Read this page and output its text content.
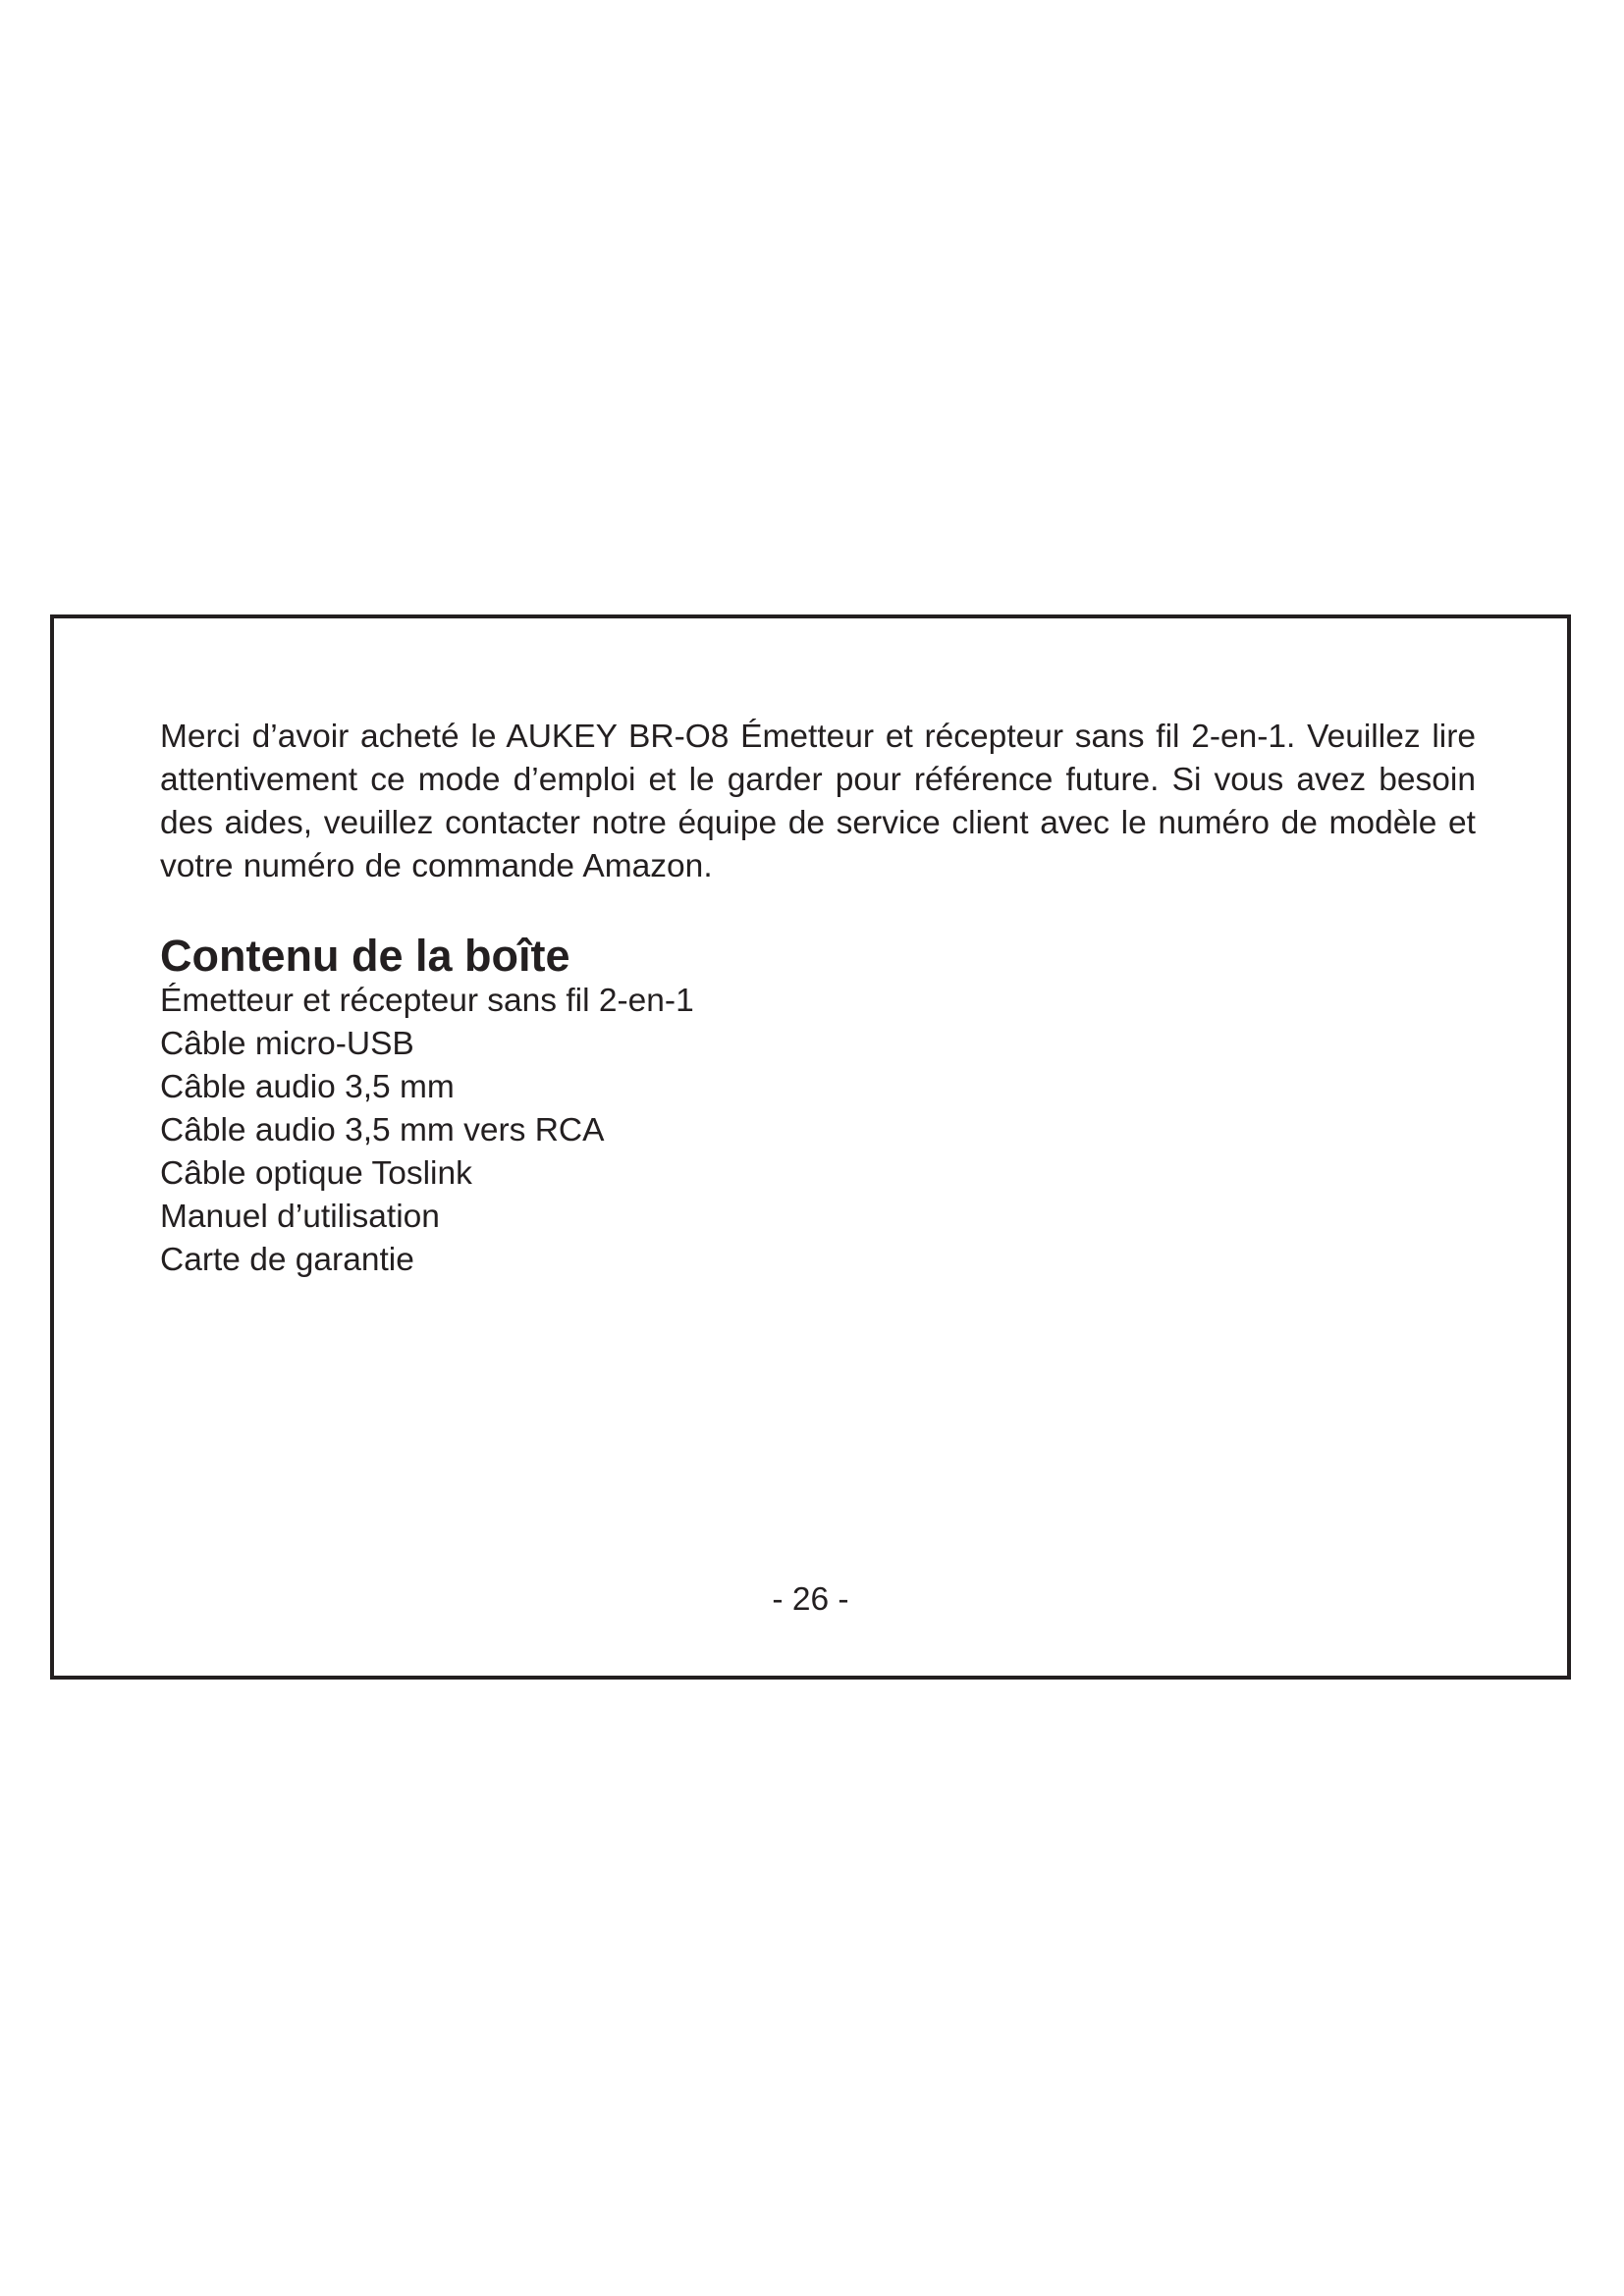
Merci d’avoir acheté le AUKEY BR-O8 Émetteur et récepteur sans fil 2-en-1. Veuillez lire attentivement ce mode d’emploi et le garder pour référence future. Si vous avez besoin des aides, veuillez contacter notre équipe de service client avec le numéro de modèle et votre numéro de commande Amazon.

Contenu de la boîte
Émetteur et récepteur sans fil 2-en-1
Câble micro-USB
Câble audio 3,5 mm
Câble audio 3,5 mm vers RCA
Câble optique Toslink
Manuel d’utilisation
Carte de garantie

- 26 -
